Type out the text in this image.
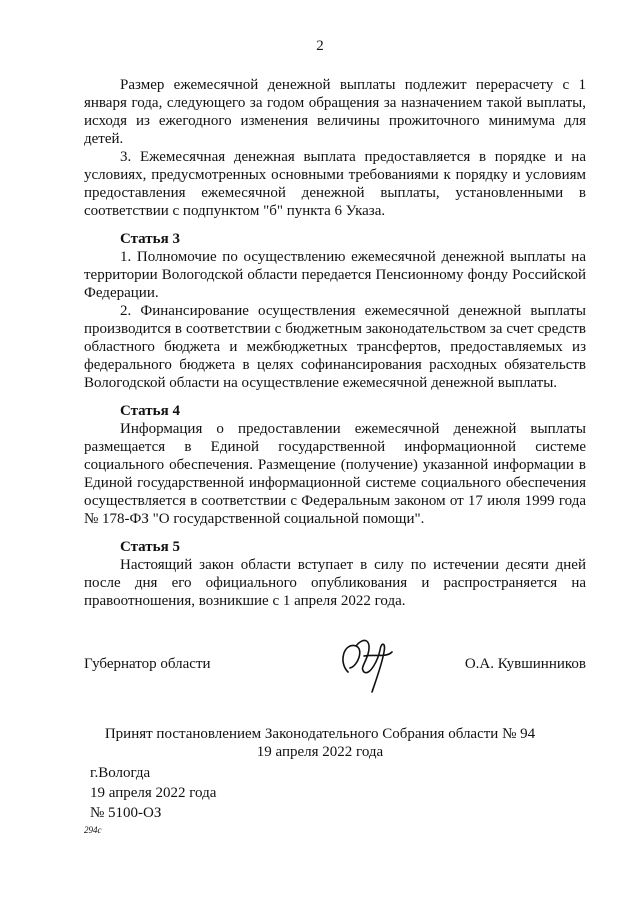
2

Размер ежемесячной денежной выплаты подлежит перерасчету с 1 января года, следующего за годом обращения за назначением такой выплаты, исходя из ежегодного изменения величины прожиточного минимума для детей.

3. Ежемесячная денежная выплата предоставляется в порядке и на условиях, предусмотренных основными требованиями к порядку и условиям предоставления ежемесячной денежной выплаты, установленными в соответствии с подпунктом "б" пункта 6 Указа.

Статья 3

1. Полномочие по осуществлению ежемесячной денежной выплаты на территории Вологодской области передается Пенсионному фонду Российской Федерации.

2. Финансирование осуществления ежемесячной денежной выплаты производится в соответствии с бюджетным законодательством за счет средств областного бюджета и межбюджетных трансфертов, предоставляемых из федерального бюджета в целях софинансирования расходных обязательств Вологодской области на осуществление ежемесячной денежной выплаты.

Статья 4

Информация о предоставлении ежемесячной денежной выплаты размещается в Единой государственной информационной системе социального обеспечения. Размещение (получение) указанной информации в Единой государственной информационной системе социального обеспечения осуществляется в соответствии с Федеральным законом от 17 июля 1999 года № 178-ФЗ "О государственной социальной помощи".

Статья 5

Настоящий закон области вступает в силу по истечении десяти дней после дня его официального опубликования и распространяется на правоотношения, возникшие с 1 апреля 2022 года.

Губернатор области	О.А. Кувшинников
Принят постановлением Законодательного Собрания области № 94
19 апреля 2022 года
г.Вологда
19 апреля 2022 года
№ 5100-ОЗ
294с
